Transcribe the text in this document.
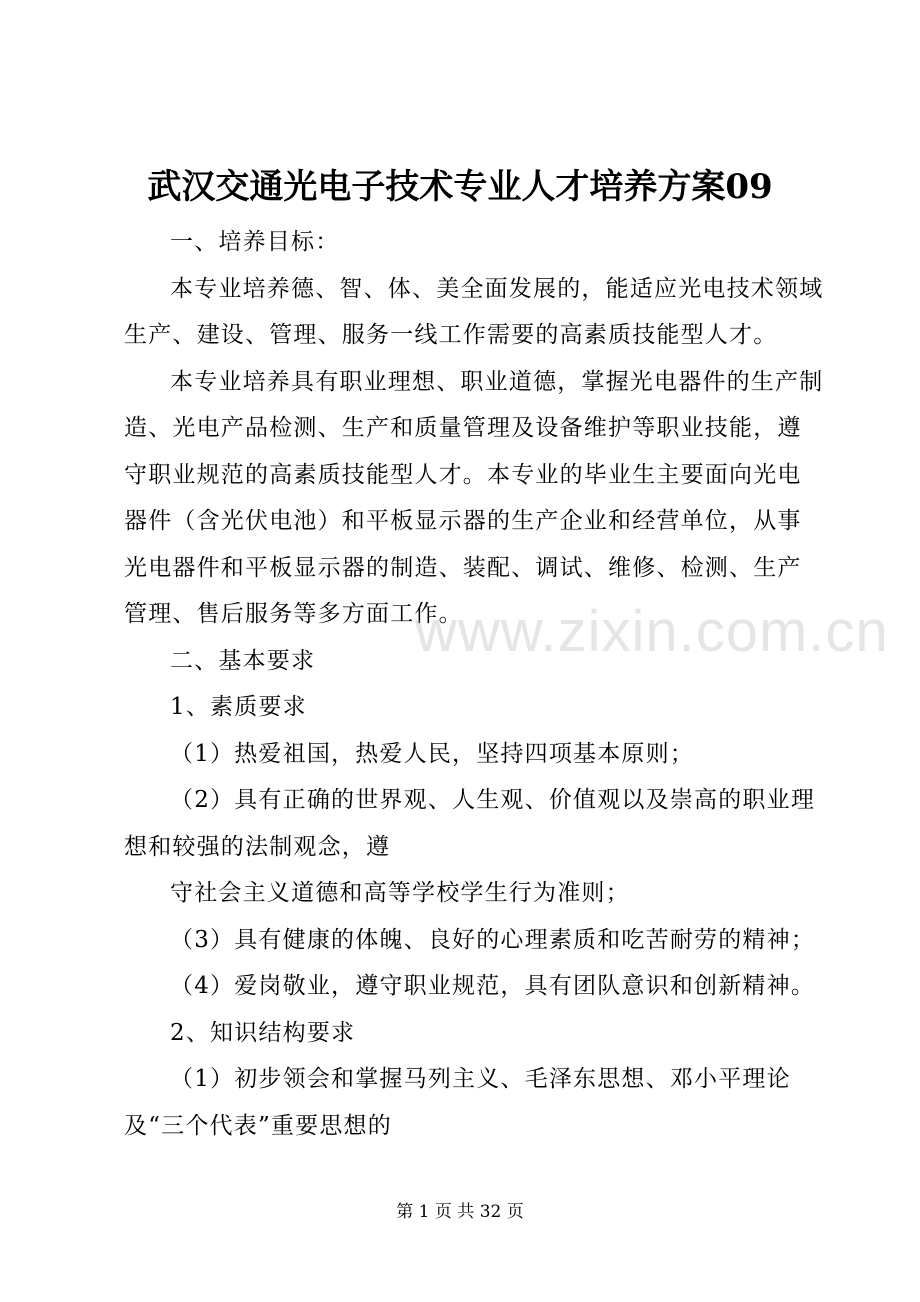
武汉交通光电子技术专业人才培养方案09

一、培养目标：

本专业培养德、智、体、美全面发展的，能适应光电技术领域生产、建设、管理、服务一线工作需要的高素质技能型人才。

本专业培养具有职业理想、职业道德，掌握光电器件的生产制造、光电产品检测、生产和质量管理及设备维护等职业技能，遵守职业规范的高素质技能型人才。本专业的毕业生主要面向光电器件（含光伏电池）和平板显示器的生产企业和经营单位，从事光电器件和平板显示器的制造、装配、调试、维修、检测、生产管理、售后服务等多方面工作。

二、基本要求

1、素质要求

（1）热爱祖国，热爱人民，坚持四项基本原则；

（2）具有正确的世界观、人生观、价值观以及崇高的职业理想和较强的法制观念，遵

守社会主义道德和高等学校学生行为准则；

（3）具有健康的体魄、良好的心理素质和吃苦耐劳的精神；

（4）爱岗敬业，遵守职业规范，具有团队意识和创新精神。

2、知识结构要求

（1）初步领会和掌握马列主义、毛泽东思想、邓小平理论及“三个代表”重要思想的

www.zixin.com.cn
第 1 页 共 32 页
